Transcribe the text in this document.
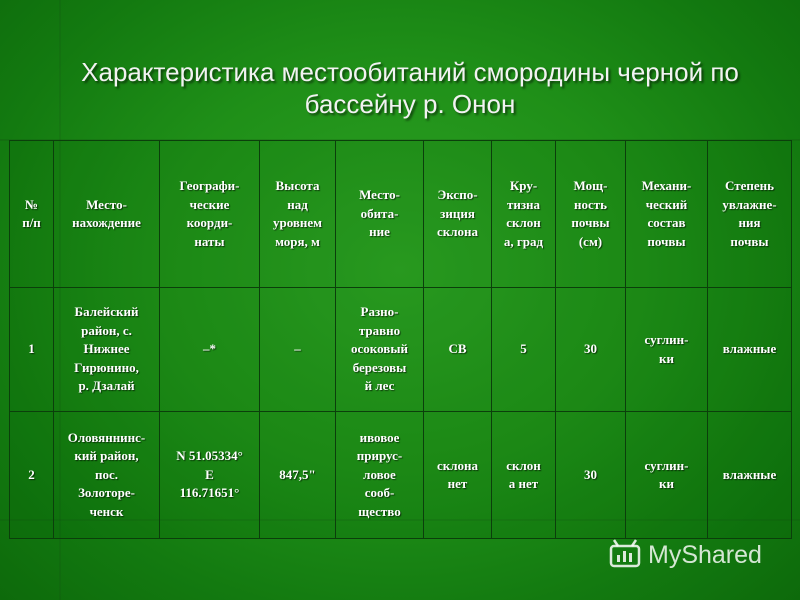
Характеристика местообитаний смородины черной по бассейну р. Онон
№
п/п	Место-
нахождение	Географи-
ческие
коорди-
наты	Высота
над
уровнем
моря, м	Место-
обита-
ние	Экспо-
зиция
склона	Кру-
тизна
склон
а, град	Мощ-
ность
почвы
(см)	Механи-
ческий
состав
почвы	Степень
увлажне-
ния
почвы
1	Балейский
район, с.
Нижнее
Гирюнино,
р. Дзалай	–*	–	Разно-
травно
осоковый
березовы
й лес	СВ	5	30	суглин-
ки	влажные
2	Оловяннинс-
кий район,
пос.
Золоторе-
ченск	N 51.05334°
E
116.71651°	847,5"	ивовое
прирус-
ловое
сооб-
щество	склона
нет	склон
а нет	30	суглин-
ки	влажные
MyShared
